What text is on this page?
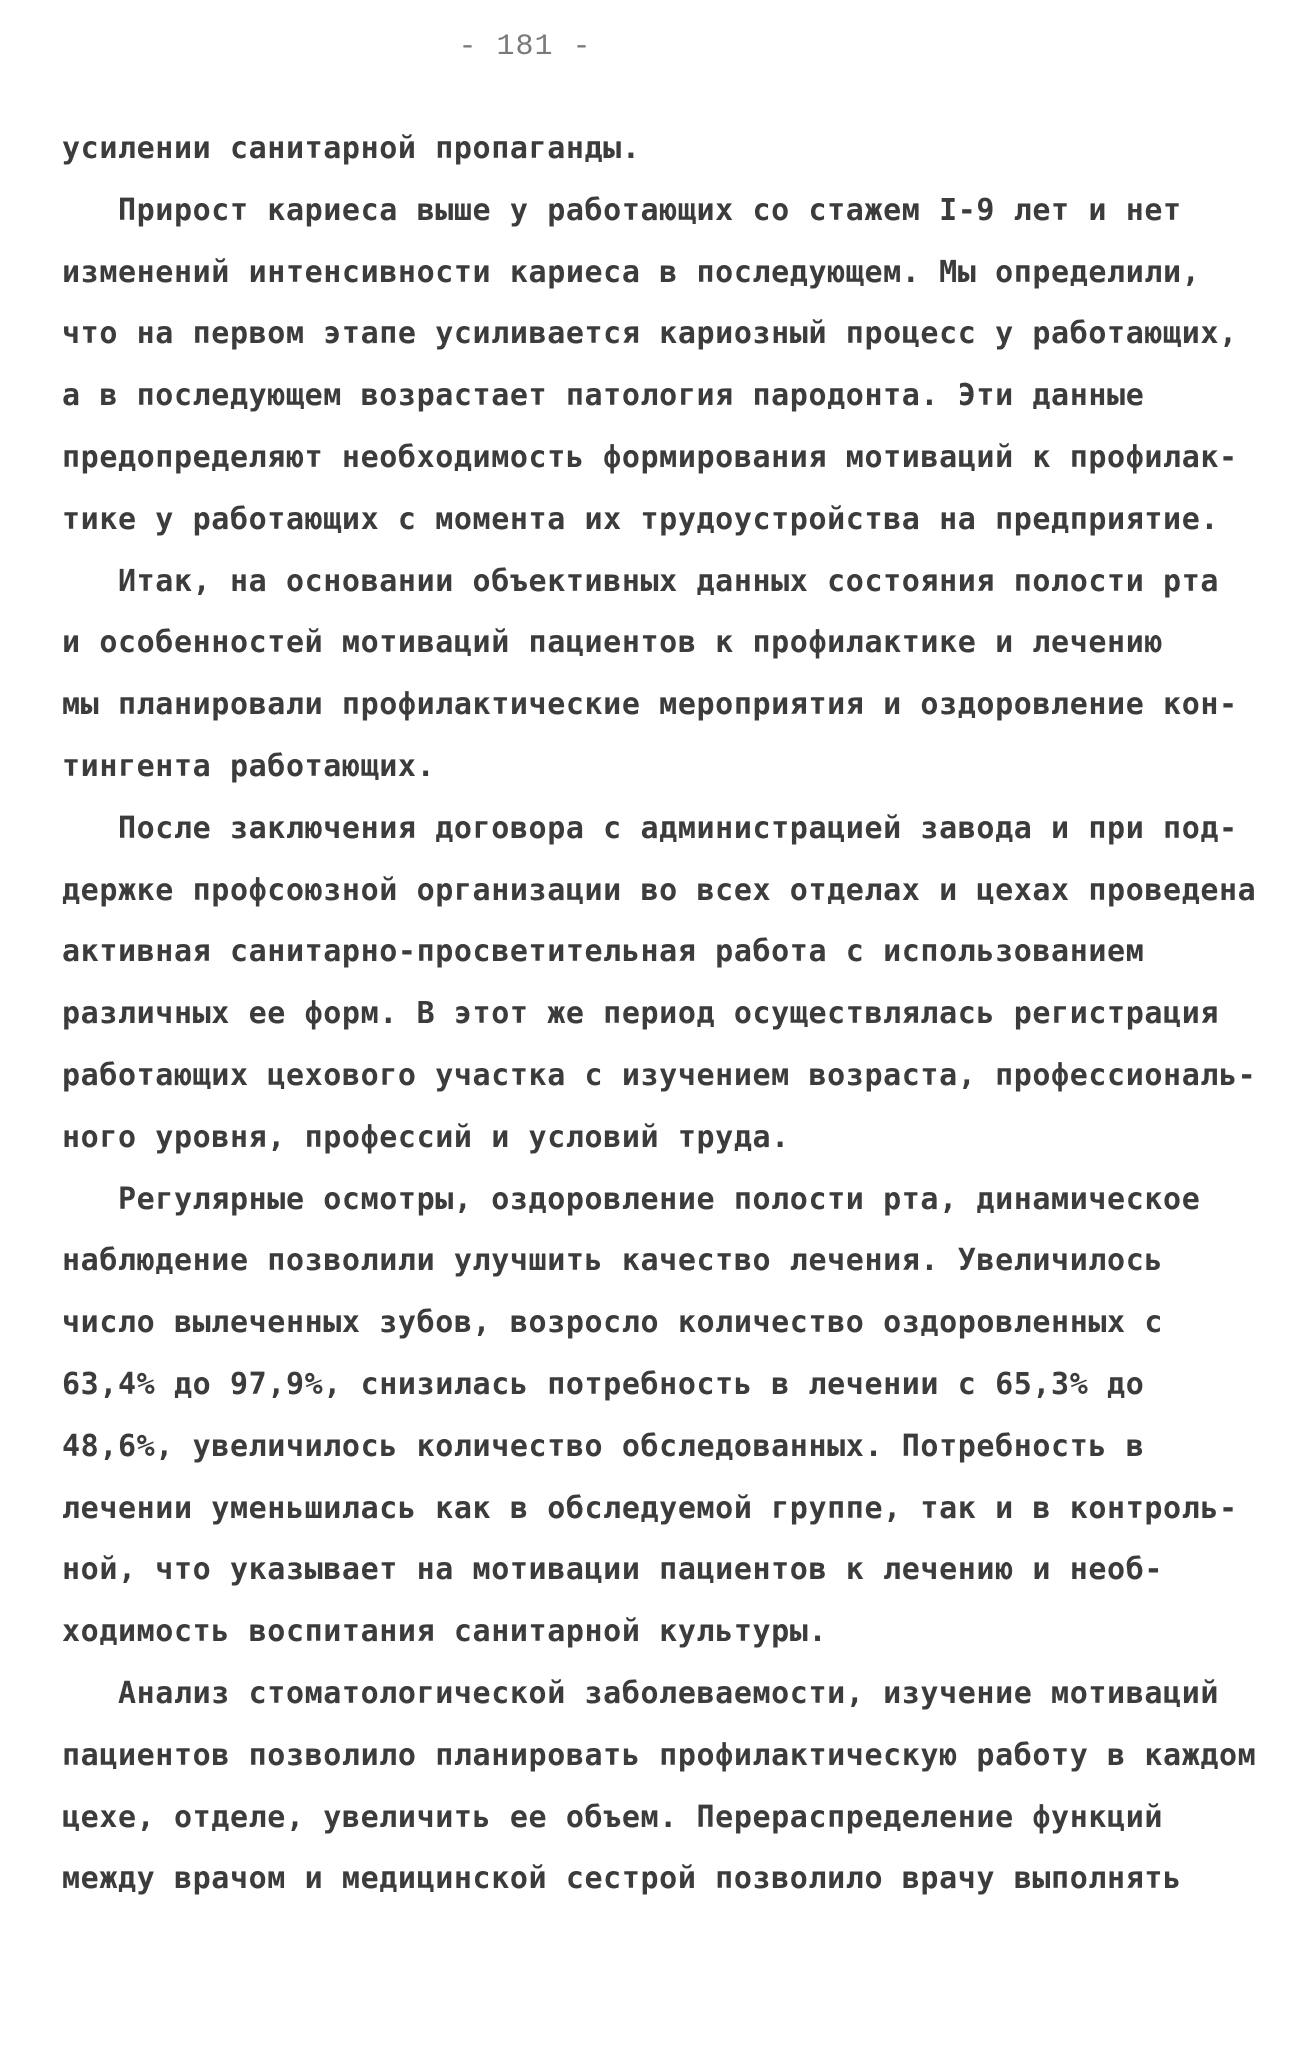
- 181 -
усилении санитарной пропаганды.
Прирост кариеса выше у работающих со стажем I-9 лет и нет
изменений интенсивности кариеса в последующем. Мы определили,
что на первом этапе усиливается кариозный процесс у работающих,
а в последующем возрастает патология пародонта. Эти данные
предопределяют необходимость формирования мотиваций к профилак-
тике у работающих с момента их трудоустройства на предприятие.
Итак, на основании объективных данных состояния полости рта
и особенностей мотиваций пациентов к профилактике и лечению
мы планировали профилактические мероприятия и оздоровление кон-
тингента работающих.
После заключения договора с администрацией завода и при под-
держке профсоюзной организации во всех отделах и цехах проведена
активная санитарно-просветительная работа с использованием
различных ее форм. В этот же период осуществлялась регистрация
работающих цехового участка с изучением возраста, профессиональ-
ного уровня, профессий и условий труда.
Регулярные осмотры, оздоровление полости рта, динамическое
наблюдение позволили улучшить качество лечения. Увеличилось
число вылеченных зубов, возросло количество оздоровленных с
63,4% до 97,9%, снизилась потребность в лечении с 65,3% до
48,6%, увеличилось количество обследованных. Потребность в
лечении уменьшилась как в обследуемой группе, так и в контроль-
ной, что указывает на мотивации пациентов к лечению и необ-
ходимость воспитания санитарной культуры.
Анализ стоматологической заболеваемости, изучение мотиваций
пациентов позволило планировать профилактическую работу в каждом
цехе, отделе, увеличить ее объем. Перераспределение функций
между врачом и медицинской сестрой позволило врачу выполнять
